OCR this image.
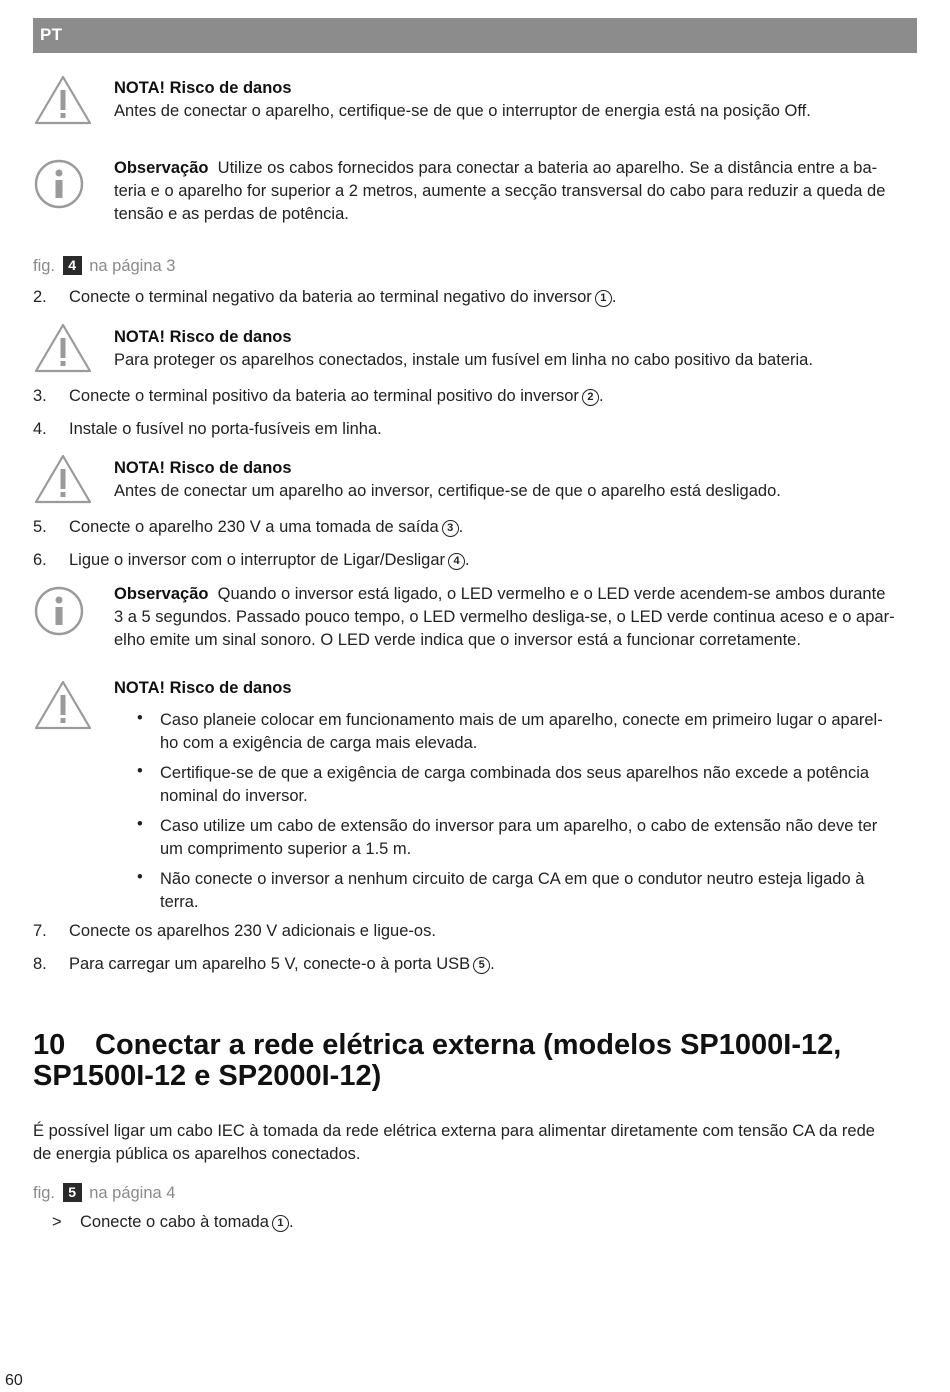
PT
NOTA! Risco de danos
Antes de conectar o aparelho, certifique-se de que o interruptor de energia está na posição Off.
Observação Utilize os cabos fornecidos para conectar a bateria ao aparelho. Se a distância entre a ba-
teria e o aparelho for superior a 2 metros, aumente a secção transversal do cabo para reduzir a queda de
tensão e as perdas de potência.
fig. 4 na página 3
2.	Conecte o terminal negativo da bateria ao terminal negativo do inversor 1 .
NOTA! Risco de danos
Para proteger os aparelhos conectados, instale um fusível em linha no cabo positivo da bateria.
3.	Conecte o terminal positivo da bateria ao terminal positivo do inversor 2 .
4.	Instale o fusível no porta-fusíveis em linha.
NOTA! Risco de danos
Antes de conectar um aparelho ao inversor, certifique-se de que o aparelho está desligado.
5.	Conecte o aparelho 230 V a uma tomada de saída 3 .
6.	Ligue o inversor com o interruptor de Ligar/Desligar 4 .
Observação Quando o inversor está ligado, o LED vermelho e o LED verde acendem-se ambos durante
3 a 5 segundos. Passado pouco tempo, o LED vermelho desliga-se, o LED verde continua aceso e o apar-
elho emite um sinal sonoro. O LED verde indica que o inversor está a funcionar corretamente.
NOTA! Risco de danos
• Caso planeie colocar em funcionamento mais de um aparelho, conecte em primeiro lugar o aparel-
ho com a exigência de carga mais elevada.
• Certifique-se de que a exigência de carga combinada dos seus aparelhos não excede a potência
nominal do inversor.
• Caso utilize um cabo de extensão do inversor para um aparelho, o cabo de extensão não deve ter
um comprimento superior a 1.5 m.
• Não conecte o inversor a nenhum circuito de carga CA em que o condutor neutro esteja ligado à
terra.
7.	Conecte os aparelhos 230 V adicionais e ligue-os.
8.	Para carregar um aparelho 5 V, conecte-o à porta USB 5 .
10 Conectar a rede elétrica externa (modelos SP1000I-12,
SP1500I-12 e SP2000I-12)
É possível ligar um cabo IEC à tomada da rede elétrica externa para alimentar diretamente com tensão CA da rede
de energia pública os aparelhos conectados.
fig. 5 na página 4
> Conecte o cabo à tomada 1 .
60
